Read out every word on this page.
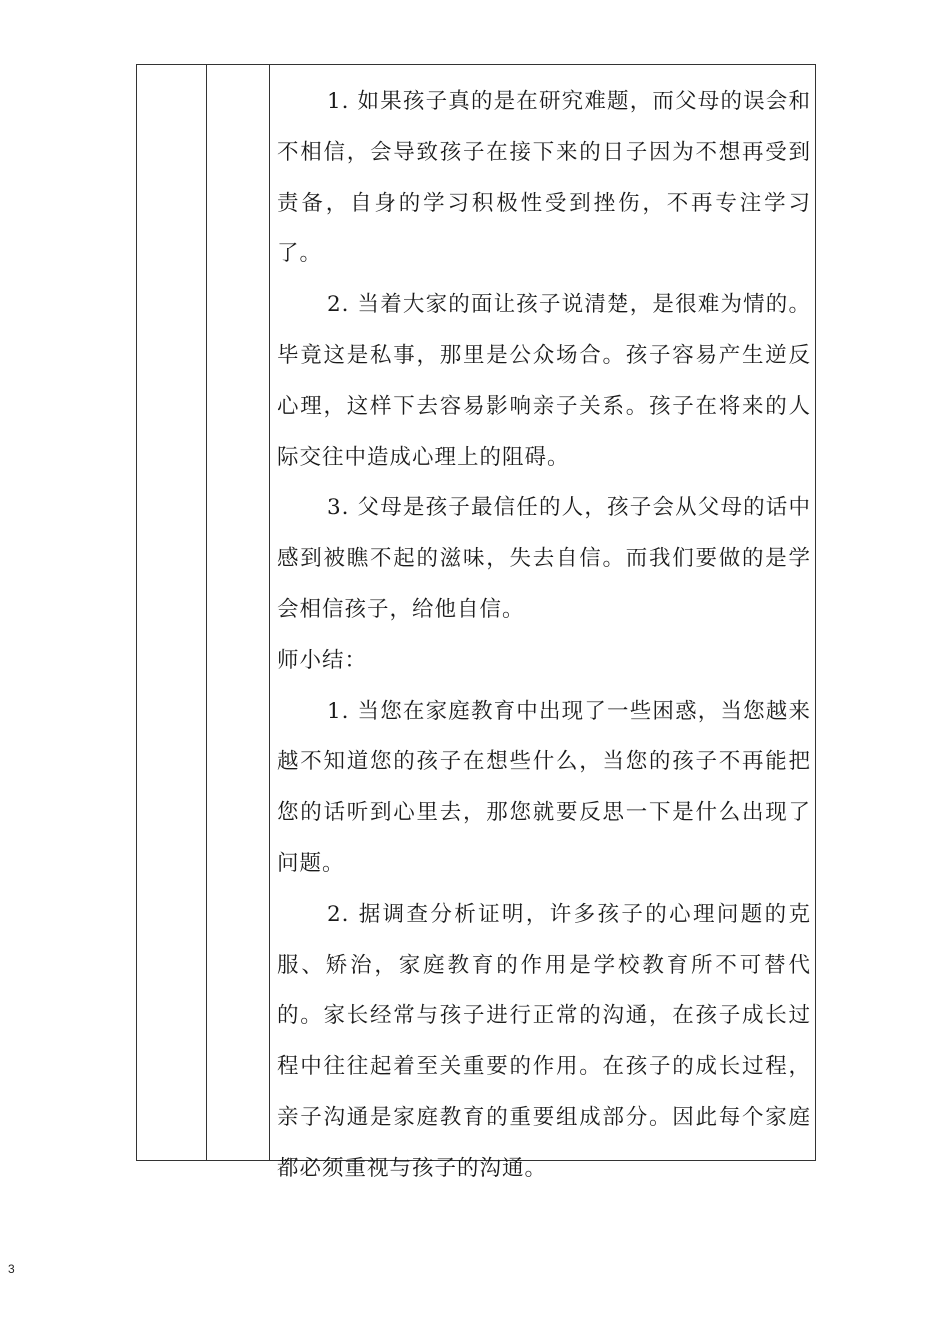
1. 如果孩子真的是在研究难题，而父母的误会和不相信，会导致孩子在接下来的日子因为不想再受到责备，自身的学习积极性受到挫伤，不再专注学习了。

2. 当着大家的面让孩子说清楚，是很难为情的。毕竟这是私事，那里是公众场合。孩子容易产生逆反心理，这样下去容易影响亲子关系。孩子在将来的人际交往中造成心理上的阻碍。

3. 父母是孩子最信任的人，孩子会从父母的话中感到被瞧不起的滋味，失去自信。而我们要做的是学会相信孩子，给他自信。

师小结：

1. 当您在家庭教育中出现了一些困惑，当您越来越不知道您的孩子在想些什么，当您的孩子不再能把您的话听到心里去，那您就要反思一下是什么出现了问题。

2. 据调查分析证明，许多孩子的心理问题的克服、矫治，家庭教育的作用是学校教育所不可替代的。家长经常与孩子进行正常的沟通，在孩子成长过程中往往起着至关重要的作用。在孩子的成长过程，亲子沟通是家庭教育的重要组成部分。因此每个家庭都必须重视与孩子的沟通。

3
